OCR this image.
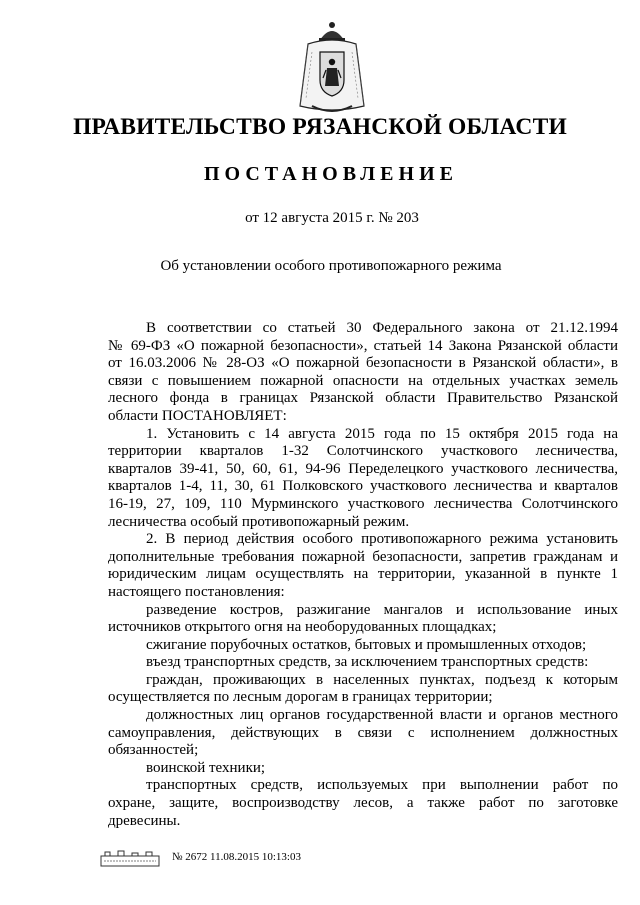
ПРАВИТЕЛЬСТВО РЯЗАНСКОЙ ОБЛАСТИ
ПОСТАНОВЛЕНИЕ
от 12 августа 2015 г. № 203
Об установлении особого противопожарного режима
В соответствии со статьей 30 Федерального закона от 21.12.1994
№ 69-ФЗ «О пожарной безопасности», статьей 14 Закона Рязанской области
от 16.03.2006 № 28-ОЗ «О пожарной безопасности в Рязанской области», в
связи с повышением пожарной опасности на отдельных участках земель
лесного фонда в границах Рязанской области Правительство Рязанской
области ПОСТАНОВЛЯЕТ:
1. Установить с 14 августа 2015 года по 15 октября 2015 года на
территории кварталов 1-32 Солотчинского участкового лесничества,
кварталов 39-41, 50, 60, 61, 94-96 Переделецкого участкового лесничества,
кварталов 1-4, 11, 30, 61 Полковского участкового лесничества и кварталов
16-19, 27, 109, 110 Мурминского участкового лесничества Солотчинского
лесничества особый противопожарный режим.
2. В период действия особого противопожарного режима установить
дополнительные требования пожарной безопасности, запретив гражданам и
юридическим лицам осуществлять на территории, указанной в пункте 1
настоящего постановления:
разведение костров, разжигание мангалов и использование иных
источников открытого огня на необорудованных площадках;
сжигание порубочных остатков, бытовых и промышленных отходов;
въезд транспортных средств, за исключением транспортных средств:
граждан, проживающих в населенных пунктах, подъезд к которым
осуществляется по лесным дорогам в границах территории;
должностных лиц органов государственной власти и органов местного
самоуправления, действующих в связи с исполнением должностных
обязанностей;
воинской техники;
транспортных средств, используемых при выполнении работ по
охране, защите, воспроизводству лесов, а также работ по заготовке
древесины.
№ 2672 11.08.2015 10:13:03
